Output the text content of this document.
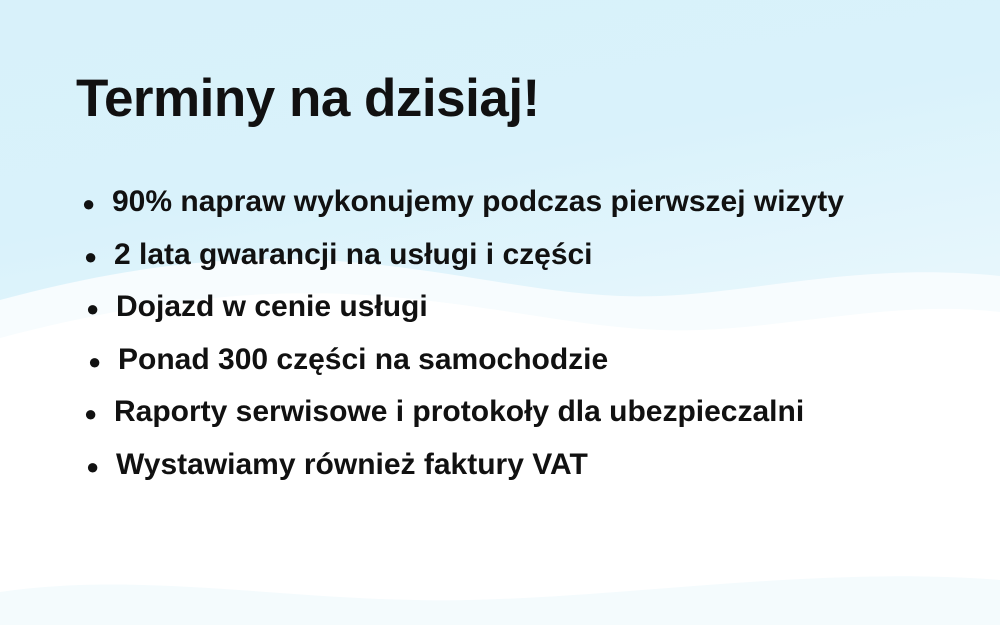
Terminy na dzisiaj!
● 90% napraw wykonujemy podczas pierwszej wizyty
● 2 lata gwarancji na usługi i części
● Dojazd w cenie usługi
● Ponad 300 części na samochodzie
● Raporty serwisowe i protokoły dla ubezpieczalni
● Wystawiamy również faktury VAT
